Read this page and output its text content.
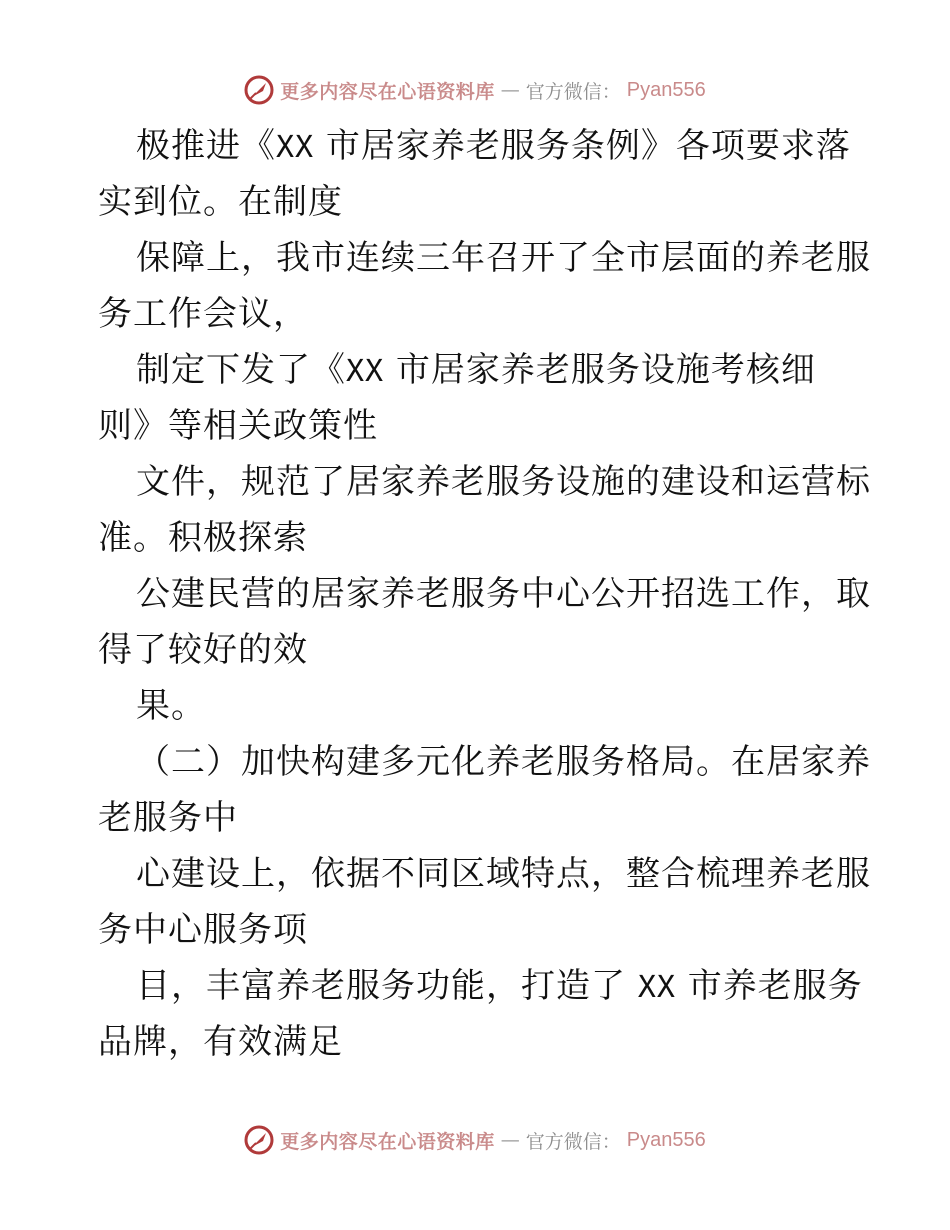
更多内容尽在心语资料库 — 官方微信： Pyan556
极推进《XX 市居家养老服务条例》各项要求落
实到位。在制度
保障上，我市连续三年召开了全市层面的养老服
务工作会议，
制定下发了《XX 市居家养老服务设施考核细
则》等相关政策性
文件，规范了居家养老服务设施的建设和运营标
准。积极探索
公建民营的居家养老服务中心公开招选工作，取
得了较好的效
果。
（二）加快构建多元化养老服务格局。在居家养
老服务中
心建设上，依据不同区域特点，整合梳理养老服
务中心服务项
目，丰富养老服务功能，打造了 XX 市养老服务
品牌，有效满足
更多内容尽在心语资料库 — 官方微信： Pyan556
